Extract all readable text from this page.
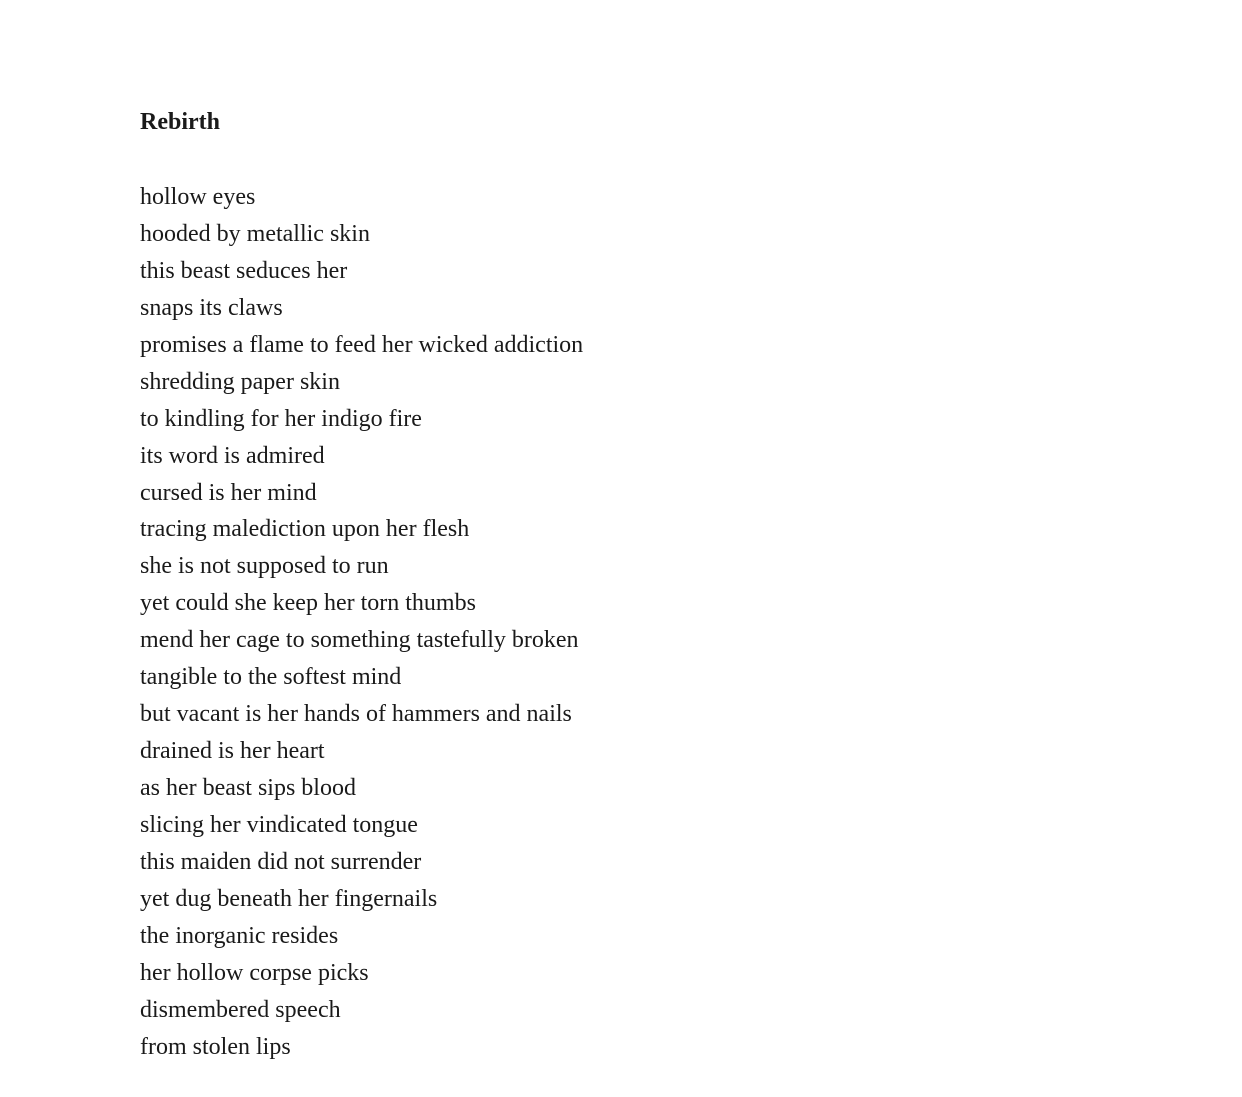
Rebirth
hollow eyes
hooded by metallic skin
this beast seduces her
snaps its claws
promises a flame to feed her wicked addiction
shredding paper skin
to kindling for her indigo fire
its word is admired
cursed is her mind
tracing malediction upon her flesh
she is not supposed to run
yet could she keep her torn thumbs
mend her cage to something tastefully broken
tangible to the softest mind
but vacant is her hands of hammers and nails
drained is her heart
as her beast sips blood
slicing her vindicated tongue
this maiden did not surrender
yet dug beneath her fingernails
the inorganic resides
her hollow corpse picks
dismembered speech
from stolen lips
